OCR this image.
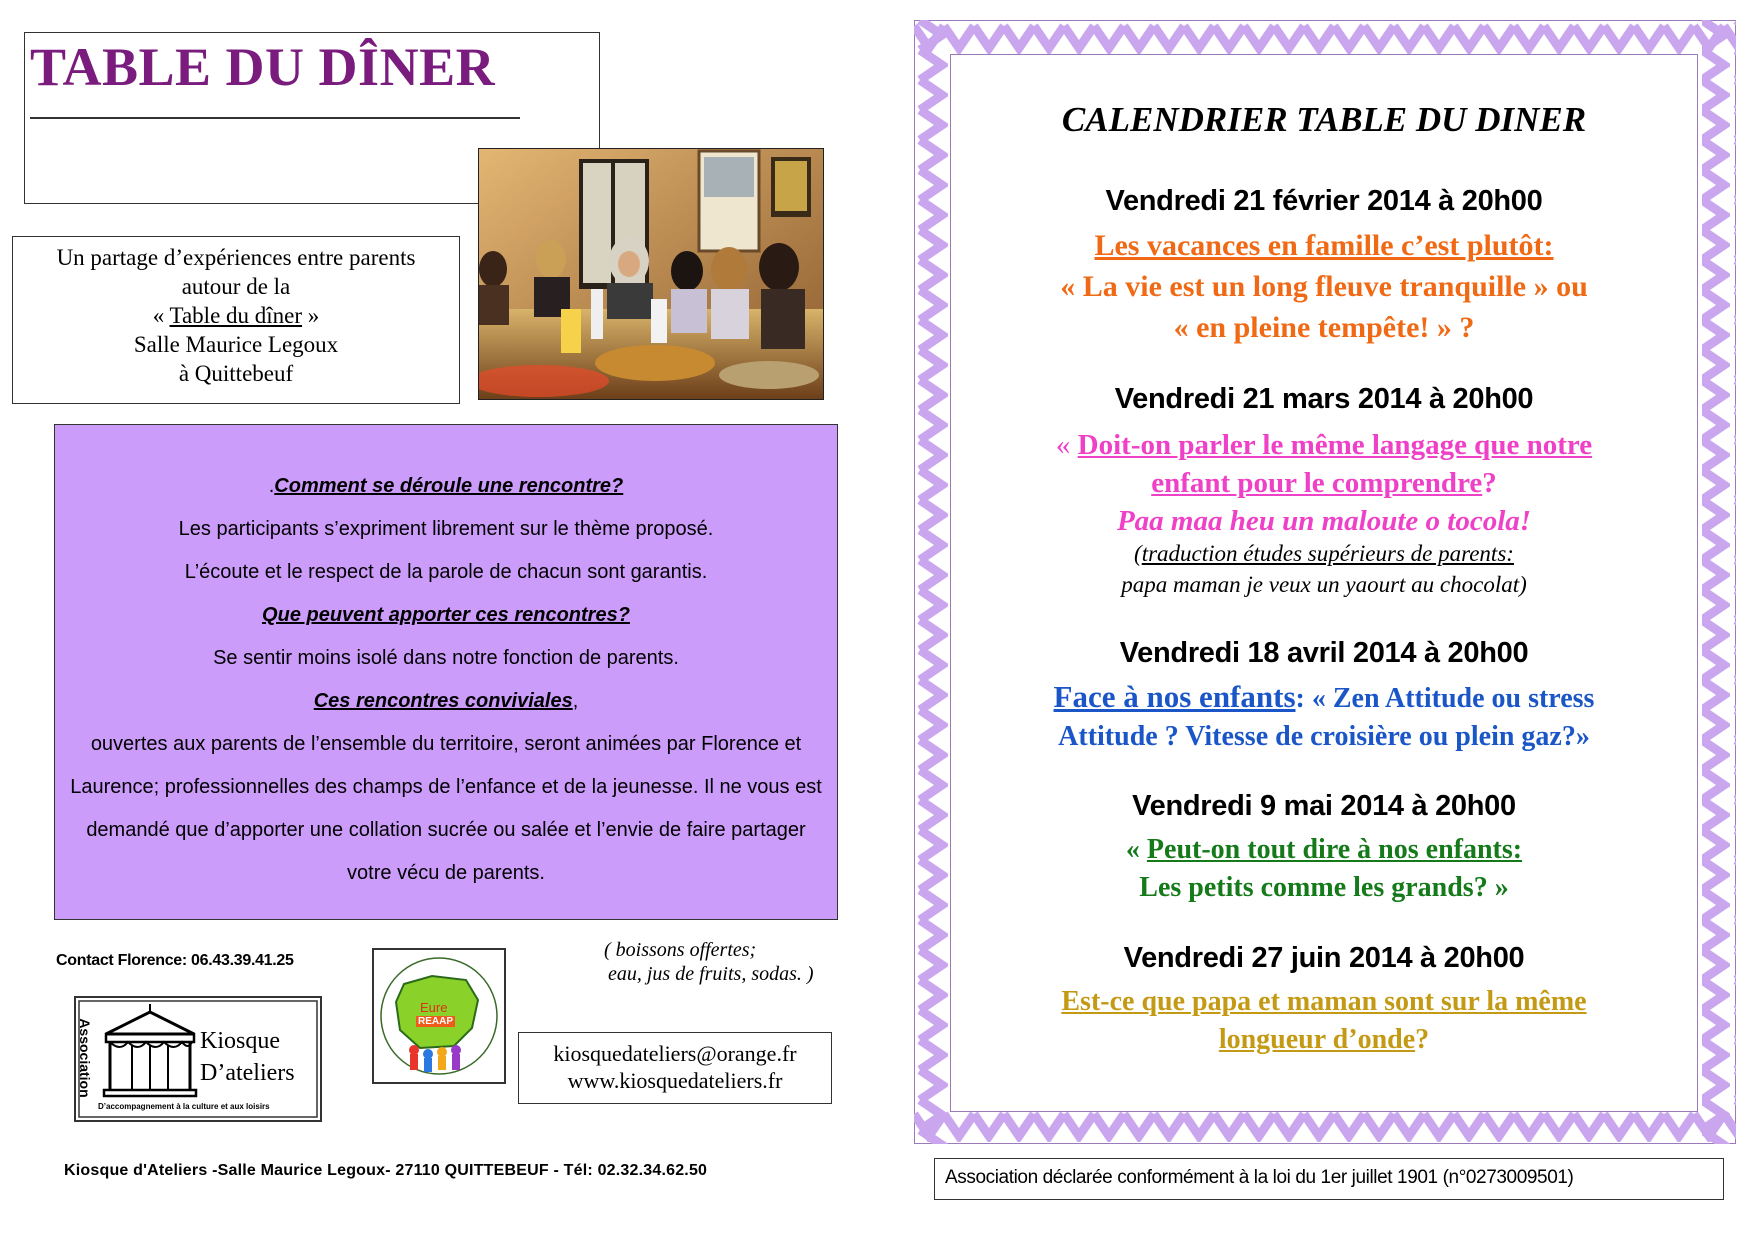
TABLE DU DÎNER
Un partage d’expériences entre parents
autour de la
« Table du dîner »
Salle Maurice Legoux
à Quittebeuf
.Comment se déroule une rencontre?
Les participants s’expriment librement sur le thème proposé.
L’écoute et le respect de la parole de chacun sont garantis.
Que peuvent apporter ces rencontres?
Se sentir moins isolé dans notre fonction de parents.
Ces rencontres conviviales,
ouvertes aux parents de l’ensemble du territoire, seront animées par Florence et
Laurence; professionnelles des champs de l’enfance et de la jeunesse. Il ne vous est
demandé que d’apporter une collation sucrée ou salée et l’envie de faire partager
votre vécu de parents.
Contact Florence: 06.43.39.41.25
Association	Kiosque
D’ateliers
D’accompagnement à la culture et aux loisirs
Eure
REAAP
( boissons offertes;
eau, jus de fruits, sodas. )
kiosquedateliers@orange.fr
www.kiosquedateliers.fr
Kiosque d'Ateliers -Salle Maurice Legoux- 27110 QUITTEBEUF - Tél: 02.32.34.62.50
CALENDRIER TABLE DU DINER
Vendredi 21 février 2014 à 20h00
Les vacances en famille c’est plutôt:
« La vie est un long fleuve tranquille » ou
« en pleine tempête! » ?
Vendredi 21 mars 2014 à 20h00
« Doit-on parler le même langage que notre
enfant pour le comprendre?
Paa maa heu un maloute o tocola!
(traduction études supérieurs de parents:
papa maman je veux un yaourt au chocolat)
Vendredi 18 avril 2014 à 20h00
Face à nos enfants: « Zen Attitude ou stress
Attitude ? Vitesse de croisière ou plein gaz?»
Vendredi 9 mai 2014 à 20h00
« Peut-on tout dire à nos enfants:
Les petits comme les grands? »
Vendredi 27 juin 2014 à 20h00
Est-ce que papa et maman sont sur la même
longueur d’onde?
Association déclarée conformément à la loi du 1er juillet 1901 (n°0273009501)
